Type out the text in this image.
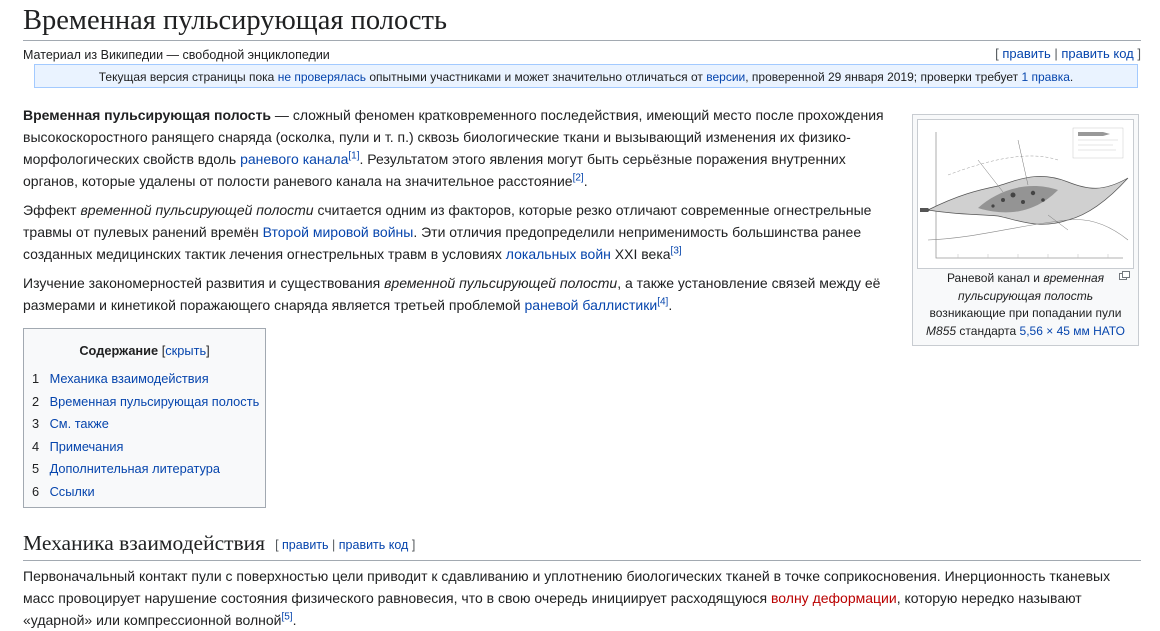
Временная пульсирующая полость
Материал из Википедии — свободной энциклопедии	[ править | править код ]
Текущая версия страницы пока не проверялась опытными участниками и может значительно отличаться от версии, проверенной 29 января 2019; проверки требует 1 правка.

Временная пульсирующая полость — сложный феномен кратковременного последействия, имеющий место после прохождения высокоскоростного ранящего снаряда (осколка, пули и т. п.) сквозь биологические ткани и вызывающий изменения их физико-морфологических свойств вдоль раневого канала[1]. Результатом этого явления могут быть серьёзные поражения внутренних органов, которые удалены от полости раневого канала на значительное расстояние[2].

Эффект временной пульсирующей полости считается одним из факторов, которые резко отличают современные огнестрельные травмы от пулевых ранений времён Второй мировой войны. Эти отличия предопределили неприменимость большинства ранее созданных медицинских тактик лечения огнестрельных травм в условиях локальных войн XXI века[3]

Изучение закономерностей развития и существования временной пульсирующей полости, а также установление связей между её размерами и кинетикой поражающего снаряда является третьей проблемой раневой баллистики[4].

Раневой канал и временная пульсирующая полость возникающие при попадании пули M855 стандарта 5,56 × 45 мм НАТО
Содержание [скрыть]
1 Механика взаимодействия
2 Временная пульсирующая полость
3 См. также
4 Примечания
5 Дополнительная литература
6 Ссылки
Механика взаимодействия [ править | править код ]
Первоначальный контакт пули с поверхностью цели приводит к сдавливанию и уплотнению биологических тканей в точке соприкосновения. Инерционность тканевых масс провоцирует нарушение состояния физического равновесия, что в свою очередь инициирует расходящуюся волну деформации, которую нередко называют «ударной» или компрессионной волной[5].
